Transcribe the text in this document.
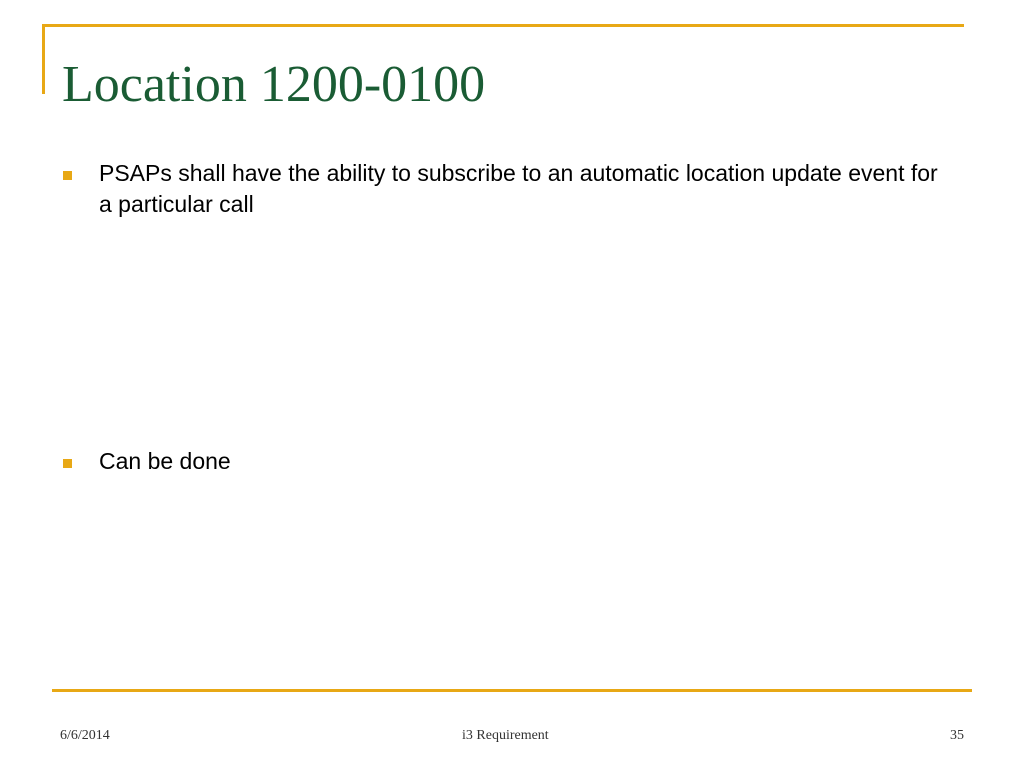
Location 1200-0100
PSAPs shall have the ability to subscribe to an automatic location update event for a particular call
Can be done
6/6/2014	i3 Requirement	35
